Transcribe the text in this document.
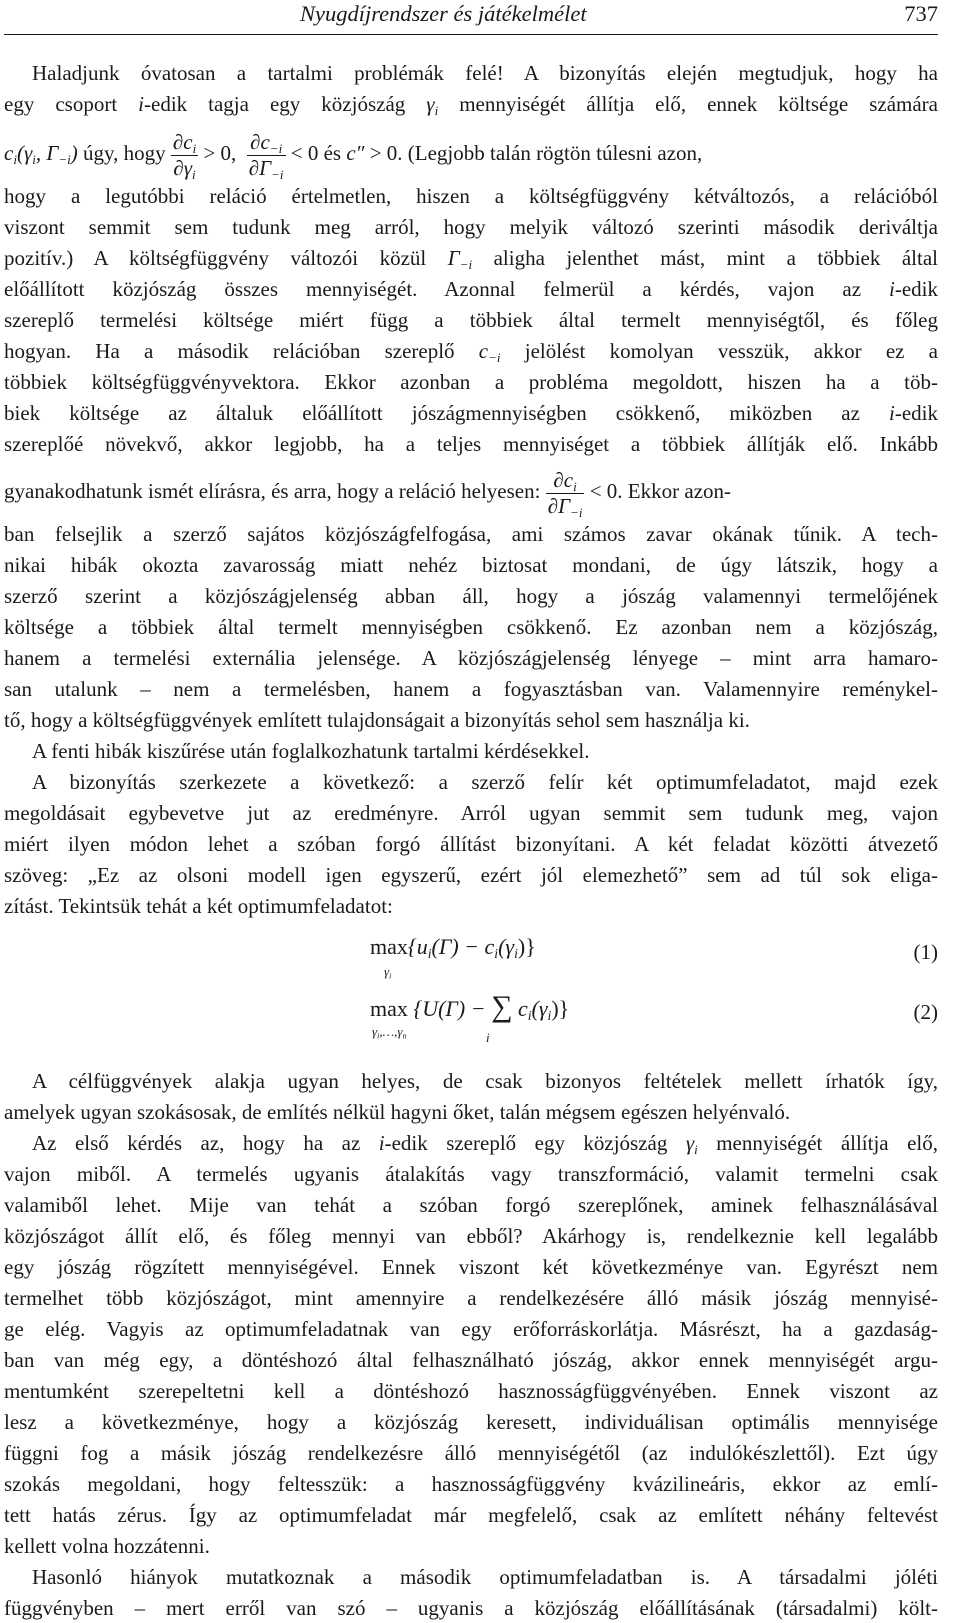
Nyugdíjrendszer és játékelmélet	737
Haladjunk óvatosan a tartalmi problémák felé! A bizonyítás elején megtudjuk, hogy ha
egy csoport i-edik tagja egy közjószág $\gamma_i$ mennyiségét állítja elő, ennek költsége számára
$c_i(\gamma_i$, $\Gamma_{-i}$) úgy, hogy $\frac{\partial c_i}{\partial\gamma_i} > 0$, $\frac{\partial c_{-i}}{\partial\Gamma_{-i}} < 0$ és c″ > 0. (Legjobb talán rögtön túlesni azon,
hogy a legutóbbi reláció értelmetlen, hiszen a költségfüggvény kétváltozós, a relációból
viszont semmit sem tudunk meg arról, hogy melyik változó szerinti második deriváltja
pozitív.) A költségfüggvény változói közül $\Gamma_{-i}$ aligha jelenthet mást, mint a többiek által
előállított közjószág összes mennyiségét. Azonnal felmerül a kérdés, vajon az i-edik
szereplő termelési költsége miért függ a többiek által termelt mennyiségtől, és főleg
hogyan. Ha a második relációban szereplő $c_{-i}$ jelölést komolyan vesszük, akkor ez a
többiek költségfüggvényvektora. Ekkor azonban a probléma megoldott, hiszen ha a töb-
biek költsége az általuk előállított jószágmennyiségben csökkenő, miközben az i-edik
szereplőé növekvő, akkor legjobb, ha a teljes mennyiséget a többiek állítják elő. Inkább
gyanakodhatunk ismét elírásra, és arra, hogy a reláció helyesen: $\frac{\partial c_i}{\partial\Gamma_{-i}} < 0$. Ekkor azon-
ban felsejlik a szerző sajátos közjószágfelfogása, ami számos zavar okának tűnik. A tech-
nikai hibák okozta zavarosság miatt nehéz biztosat mondani, de úgy látszik, hogy a
szerző szerint a közjószágjelenség abban áll, hogy a jószág valamennyi termelőjének
költsége a többiek által termelt mennyiségben csökkenő. Ez azonban nem a közjószág,
hanem a termelési externália jelensége. A közjószágjelenség lényege – mint arra hamaro-
san utalunk – nem a termelésben, hanem a fogyasztásban van. Valamennyire reménykel-
tő, hogy a költségfüggvények említett tulajdonságait a bizonyítás sehol sem használja ki.
A fenti hibák kiszűrése után foglalkozhatunk tartalmi kérdésekkel.
A bizonyítás szerkezete a következő: a szerző felír két optimumfeladatot, majd ezek
megoldásait egybevetve jut az eredményre. Arról ugyan semmit sem tudunk meg, vajon
miért ilyen módon lehet a szóban forgó állítást bizonyítani. A két feladat közötti átvezető
szöveg: „Ez az olsoni modell igen egyszerű, ezért jól elemezhető” sem ad túl sok eliga-
zítást. Tekintsük tehát a két optimumfeladatot:
$\max\{u_i(\Gamma) - c_i(\gamma_i)\}$
$\gamma_i$
(1)
max {U(Γ) − ∑ $c_i(\gamma_i)$}
$\gamma_i,\dots,\gamma_n$	i
(2)
A célfüggvények alakja ugyan helyes, de csak bizonyos feltételek mellett írhatók így,
amelyek ugyan szokásosak, de említés nélkül hagyni őket, talán mégsem egészen helyénvaló.
Az első kérdés az, hogy ha az i-edik szereplő egy közjószág $\gamma_i$ mennyiségét állítja elő,
vajon miből. A termelés ugyanis átalakítás vagy transzformáció, valamit termelni csak
valamiből lehet. Mije van tehát a szóban forgó szereplőnek, aminek felhasználásával
közjószágot állít elő, és főleg mennyi van ebből? Akárhogy is, rendelkeznie kell legalább
egy jószág rögzített mennyiségével. Ennek viszont két következménye van. Egyrészt nem
termelhet több közjószágot, mint amennyire a rendelkezésére álló másik jószág mennyisé-
ge elég. Vagyis az optimumfeladatnak van egy erőforráskorlátja. Másrészt, ha a gazdaság-
ban van még egy, a döntéshozó által felhasználható jószág, akkor ennek mennyiségét argu-
mentumként szerepeltetni kell a döntéshozó hasznosságfüggvényében. Ennek viszont az
lesz a következménye, hogy a közjószág keresett, individuálisan optimális mennyisége
függni fog a másik jószág rendelkezésre álló mennyiségétől (az indulókészlettől). Ezt úgy
szokás megoldani, hogy feltesszük: a hasznosságfüggvény kvázilineáris, ekkor az emlí-
tett hatás zérus. Így az optimumfeladat már megfelelő, csak az említett néhány feltevést
kellett volna hozzátenni.
Hasonló hiányok mutatkoznak a második optimumfeladatban is. A társadalmi jóléti
függvényben – mert erről van szó – ugyanis a közjószág előállításának (társadalmi) költ-
